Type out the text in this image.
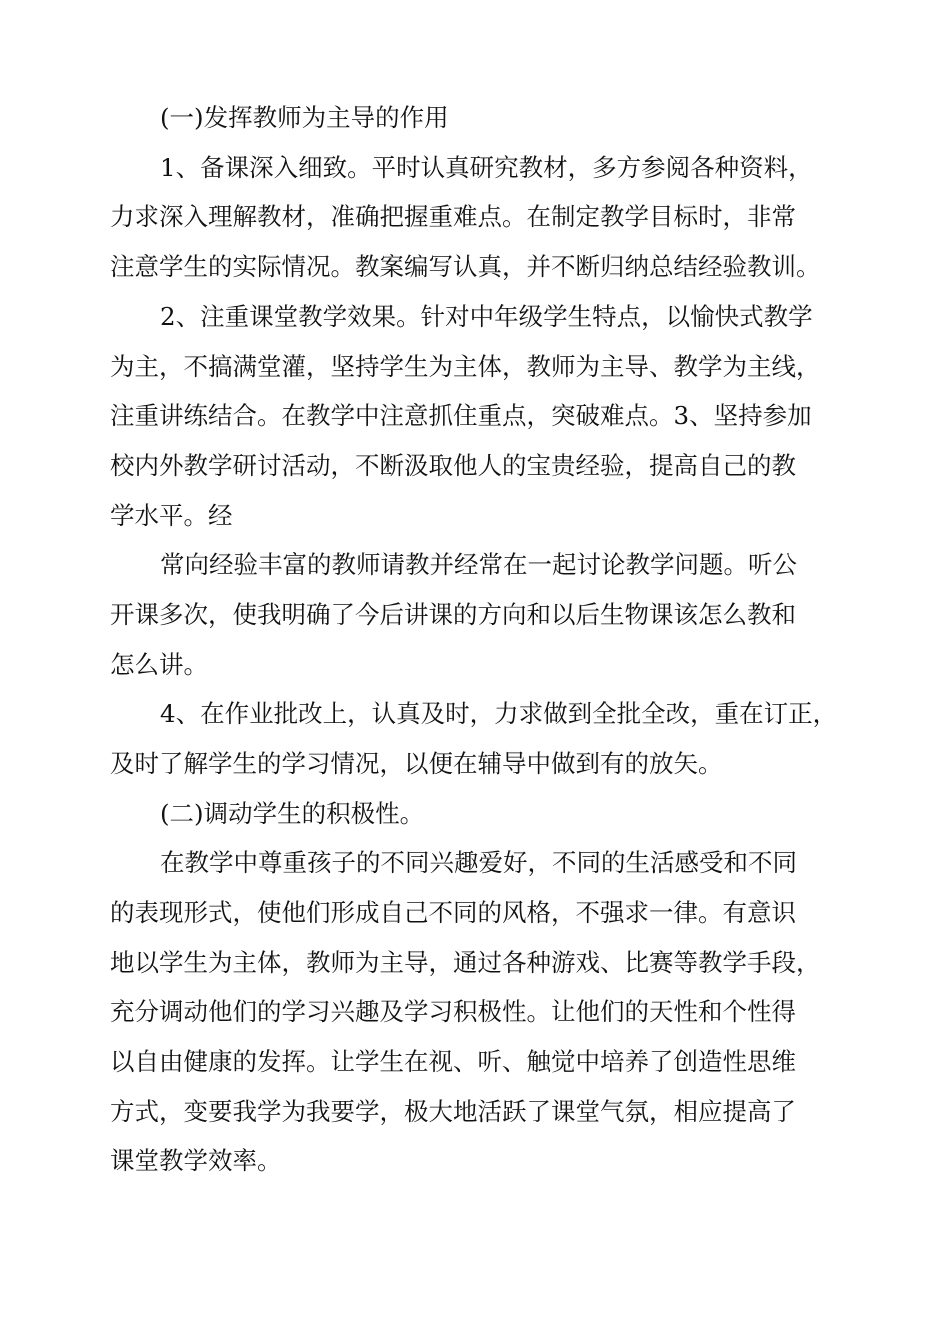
(一)发挥教师为主导的作用
1、备课深入细致。平时认真研究教材，多方参阅各种资料，
力求深入理解教材，准确把握重难点。在制定教学目标时，非常
注意学生的实际情况。教案编写认真，并不断归纳总结经验教训。
2、注重课堂教学效果。针对中年级学生特点，以愉快式教学
为主，不搞满堂灌，坚持学生为主体，教师为主导、教学为主线，
注重讲练结合。在教学中注意抓住重点，突破难点。3、坚持参加
校内外教学研讨活动，不断汲取他人的宝贵经验，提高自己的教
学水平。经
常向经验丰富的教师请教并经常在一起讨论教学问题。听公
开课多次，使我明确了今后讲课的方向和以后生物课该怎么教和
怎么讲。
4、在作业批改上，认真及时，力求做到全批全改，重在订正，
及时了解学生的学习情况，以便在辅导中做到有的放矢。
(二)调动学生的积极性。
在教学中尊重孩子的不同兴趣爱好，不同的生活感受和不同
的表现形式，使他们形成自己不同的风格，不强求一律。有意识
地以学生为主体，教师为主导，通过各种游戏、比赛等教学手段，
充分调动他们的学习兴趣及学习积极性。让他们的天性和个性得
以自由健康的发挥。让学生在视、听、触觉中培养了创造性思维
方式，变要我学为我要学，极大地活跃了课堂气氛，相应提高了
课堂教学效率。
